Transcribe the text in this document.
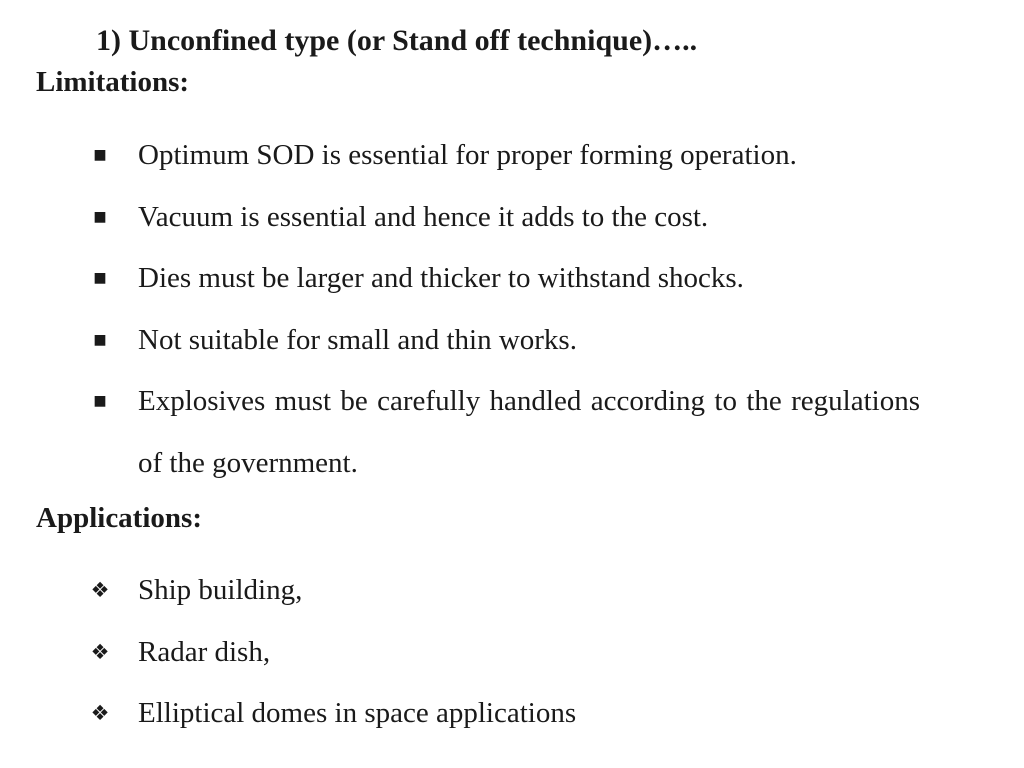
1) Unconfined type (or Stand off technique)…..
Limitations:
■ Optimum SOD is essential for proper forming operation.
■ Vacuum is essential and hence it adds to the cost.
■ Dies must be larger and thicker to withstand shocks.
■ Not suitable for small and thin works.
■ Explosives must be carefully handled according to the regulations of the government.
Applications:
❖ Ship building,
❖ Radar dish,
❖ Elliptical domes in space applications
